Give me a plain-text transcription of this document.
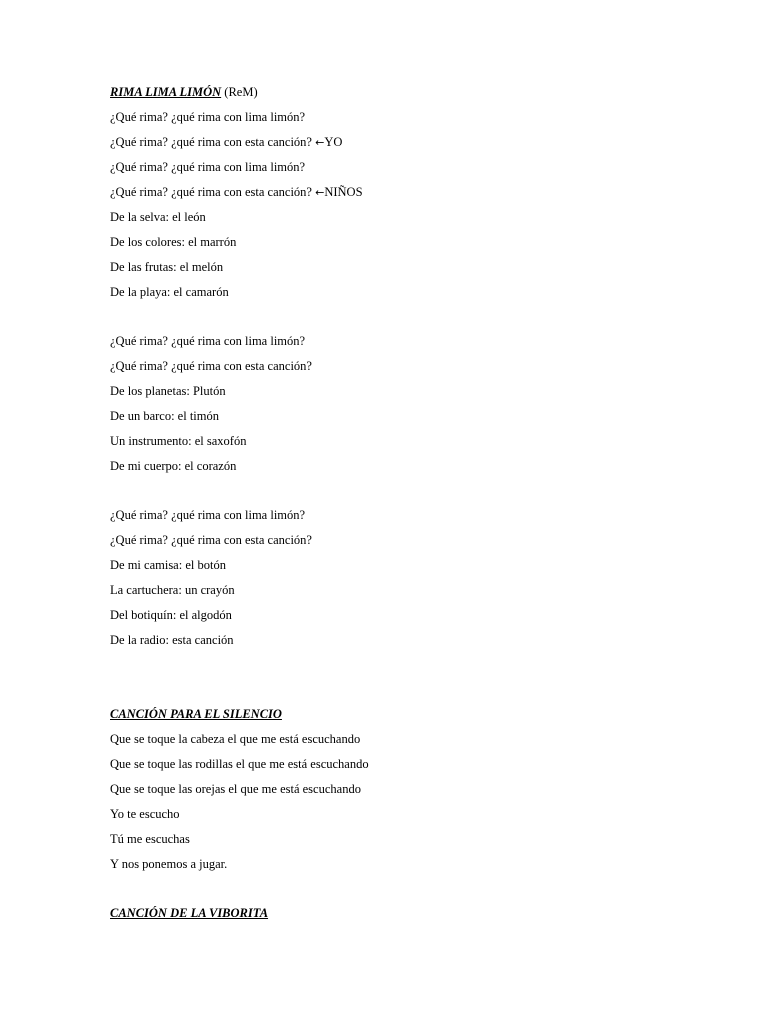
RIMA LIMA LIMÓN (ReM)
¿Qué rima? ¿qué rima con lima limón?
¿Qué rima? ¿qué rima con esta canción? ←YO
¿Qué rima? ¿qué rima con lima limón?
¿Qué rima? ¿qué rima con esta canción? ←NIÑOS
De la selva: el león
De los colores: el marrón
De las frutas: el melón
De la playa: el camarón
¿Qué rima? ¿qué rima con lima limón?
¿Qué rima? ¿qué rima con esta canción?
De los planetas: Plutón
De un barco: el timón
Un instrumento: el saxofón
De mi cuerpo: el corazón
¿Qué rima? ¿qué rima con lima limón?
¿Qué rima? ¿qué rima con esta canción?
De mi camisa: el botón
La cartuchera: un crayón
Del botiquín: el algodón
De la radio: esta canción
CANCIÓN PARA EL SILENCIO
Que se toque la cabeza el que me está escuchando
Que se toque las rodillas el que me está escuchando
Que se toque las orejas el que me está escuchando
Yo te escucho
Tú me escuchas
Y nos ponemos a jugar.
CANCIÓN DE LA VIBORITA
